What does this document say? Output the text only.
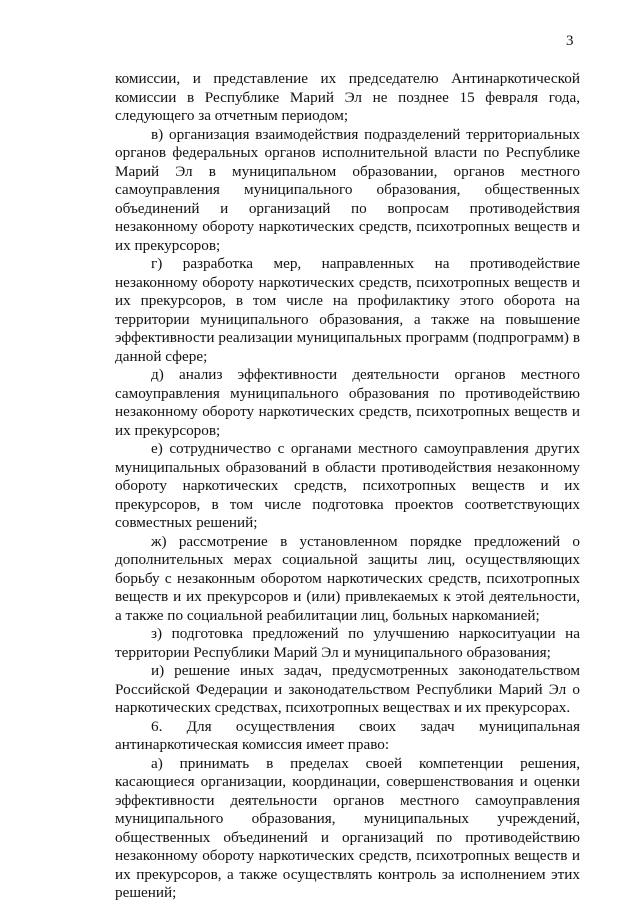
3

комиссии, и представление их председателю Антинаркотической комиссии в Республике Марий Эл не позднее 15 февраля года, следующего за отчетным периодом;

в) организация взаимодействия подразделений территориальных органов федеральных органов исполнительной власти по Республике Марий Эл в муниципальном образовании, органов местного самоуправления муниципального образования, общественных объединений и организаций по вопросам противодействия незаконному обороту наркотических средств, психотропных веществ и их прекурсоров;

г) разработка мер, направленных на противодействие незаконному обороту наркотических средств, психотропных веществ и их прекурсоров, в том числе на профилактику этого оборота на территории муниципального образования, а также на повышение эффективности реализации муниципальных программ (подпрограмм) в данной сфере;

д) анализ эффективности деятельности органов местного самоуправления муниципального образования по противодействию незаконному обороту наркотических средств, психотропных веществ и их прекурсоров;

е) сотрудничество с органами местного самоуправления других муниципальных образований в области противодействия незаконному обороту наркотических средств, психотропных веществ и их прекурсоров, в том числе подготовка проектов соответствующих совместных решений;

ж) рассмотрение в установленном порядке предложений о дополнительных мерах социальной защиты лиц, осуществляющих борьбу с незаконным оборотом наркотических средств, психотропных веществ и их прекурсоров и (или) привлекаемых к этой деятельности, а также по социальной реабилитации лиц, больных наркоманией;

з) подготовка предложений по улучшению наркоситуации на территории Республики Марий Эл и муниципального образования;

и) решение иных задач, предусмотренных законодательством Российской Федерации и законодательством Республики Марий Эл о наркотических средствах, психотропных веществах и их прекурсорах.

6. Для осуществления своих задач муниципальная антинаркотическая комиссия имеет право:

а) принимать в пределах своей компетенции решения, касающиеся организации, координации, совершенствования и оценки эффективности деятельности органов местного самоуправления муниципального образования, муниципальных учреждений, общественных объединений и организаций по противодействию незаконному обороту наркотических средств, психотропных веществ и их прекурсоров, а также осуществлять контроль за исполнением этих решений;
